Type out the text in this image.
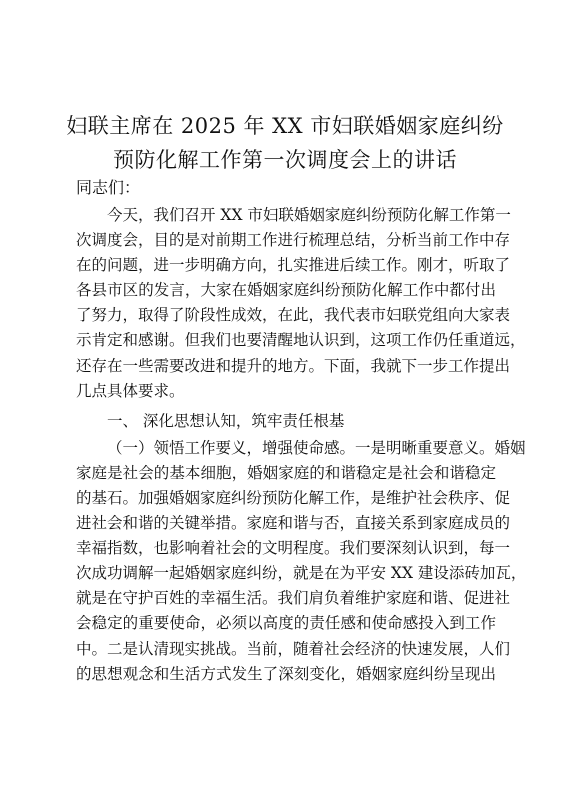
妇联主席在 2025 年 XX 市妇联婚姻家庭纠纷
预防化解工作第一次调度会上的讲话
同志们：
今天，我们召开 XX 市妇联婚姻家庭纠纷预防化解工作第一
次调度会，目的是对前期工作进行梳理总结，分析当前工作中存
在的问题，进一步明确方向，扎实推进后续工作。刚才，听取了
各县市区的发言，大家在婚姻家庭纠纷预防化解工作中都付出
了努力，取得了阶段性成效，在此，我代表市妇联党组向大家表
示肯定和感谢。但我们也要清醒地认识到，这项工作仍任重道远，
还存在一些需要改进和提升的地方。下面，我就下一步工作提出
几点具体要求。
一、 深化思想认知，筑牢责任根基
（一）领悟工作要义，增强使命感。一是明晰重要意义。婚姻
家庭是社会的基本细胞，婚姻家庭的和谐稳定是社会和谐稳定
的基石。加强婚姻家庭纠纷预防化解工作，是维护社会秩序、促
进社会和谐的关键举措。家庭和谐与否，直接关系到家庭成员的
幸福指数，也影响着社会的文明程度。我们要深刻认识到，每一
次成功调解一起婚姻家庭纠纷，就是在为平安 XX 建设添砖加瓦，
就是在守护百姓的幸福生活。我们肩负着维护家庭和谐、促进社
会稳定的重要使命，必须以高度的责任感和使命感投入到工作
中。二是认清现实挑战。当前，随着社会经济的快速发展，人们
的思想观念和生活方式发生了深刻变化，婚姻家庭纠纷呈现出
